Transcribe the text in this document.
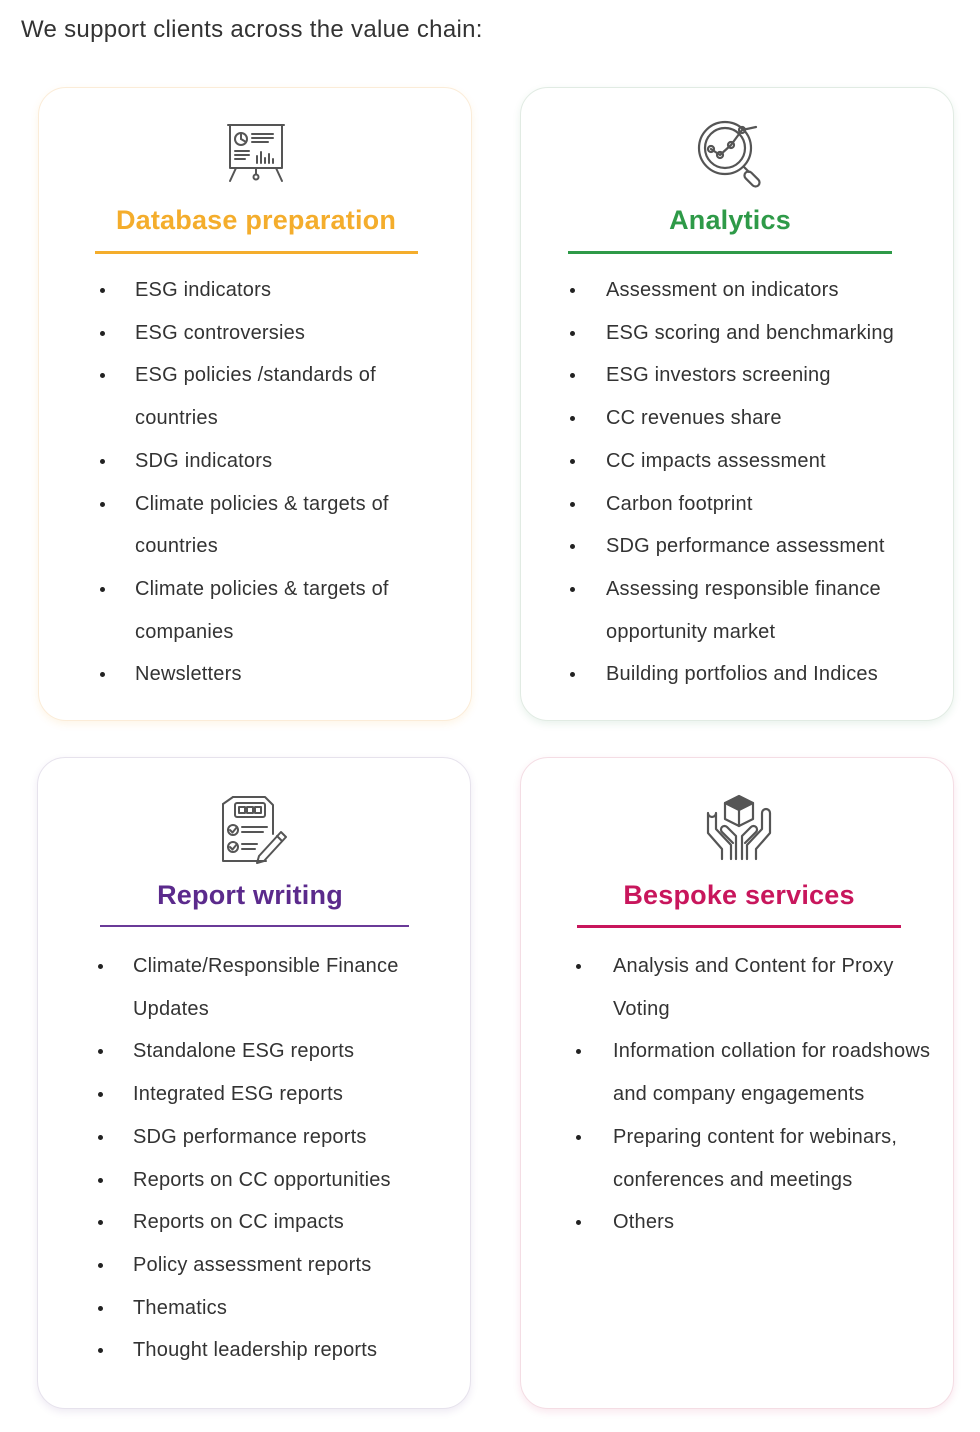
We support clients across the value chain:

Database preparation
ESG indicators
ESG controversies
ESG policies /standards of countries
SDG indicators
Climate policies & targets of countries
Climate policies & targets of companies
Newsletters
Analytics
Assessment on indicators
ESG scoring and benchmarking
ESG investors screening
CC revenues share
CC impacts assessment
Carbon footprint
SDG performance assessment
Assessing responsible finance opportunity market
Building portfolios and Indices
Report writing
Climate/Responsible Finance Updates
Standalone ESG reports
Integrated ESG reports
SDG performance reports
Reports on CC opportunities
Reports on CC impacts
Policy assessment reports
Thematics
Thought leadership reports
Bespoke services
Analysis and Content for Proxy Voting
Information collation for roadshows and company engagements
Preparing content for webinars, conferences and meetings
Others
